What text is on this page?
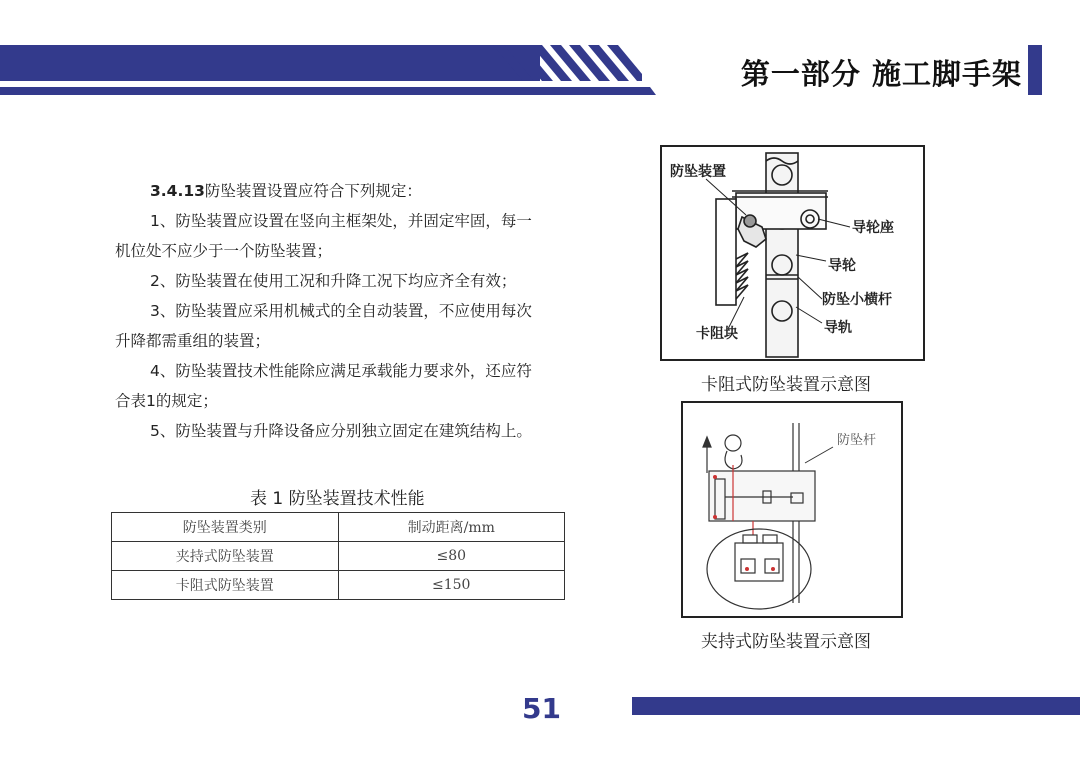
第一部分 施工脚手架
3.4.13防坠装置设置应符合下列规定：
1、防坠装置应设置在竖向主框架处，并固定牢固，每一
机位处不应少于一个防坠装置；
2、防坠装置在使用工况和升降工况下均应齐全有效；
3、防坠装置应采用机械式的全自动装置，不应使用每次
升降都需重组的装置；
4、防坠装置技术性能除应满足承载能力要求外，还应符
合表1的规定；
5、防坠装置与升降设备应分别独立固定在建筑结构上。
表 1 防坠装置技术性能
防坠装置类别	制动距离/mm
夹持式防坠装置	≤80
卡阻式防坠装置	≤150
防坠装置
导轮座
导轮
防坠小横杆
导轨
卡阻块
卡阻式防坠装置示意图
防坠杆
夹持式防坠装置示意图
51
